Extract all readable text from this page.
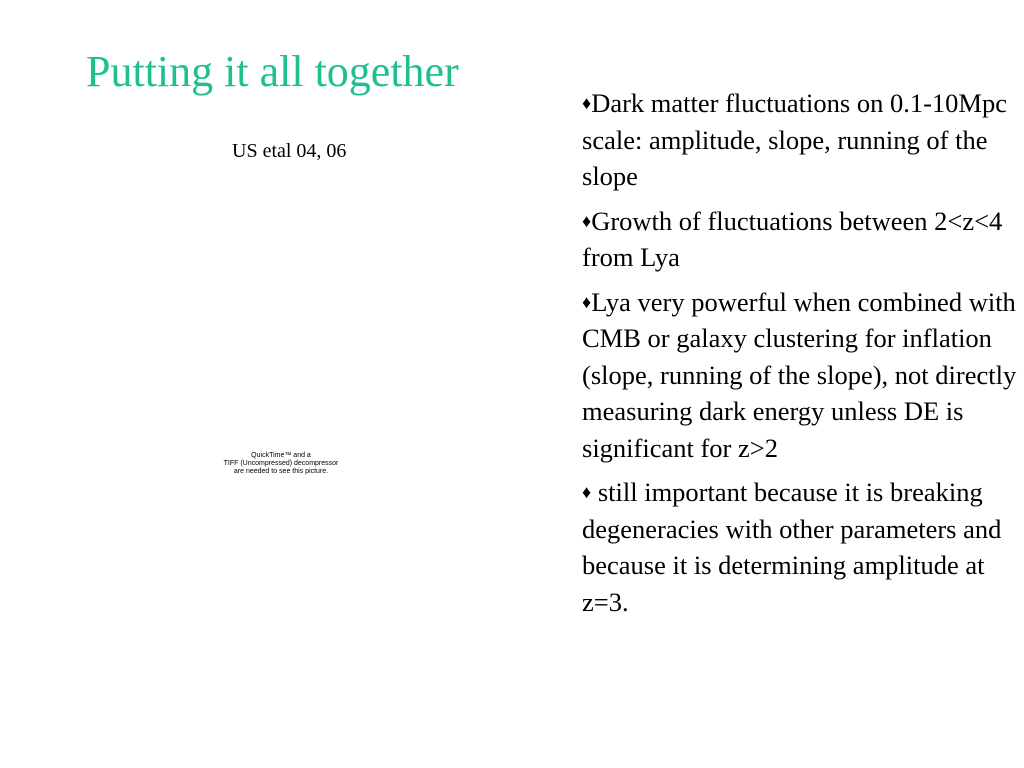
Putting it all together
US etal 04, 06
QuickTime™ and a
TIFF (Uncompressed) decompressor
are needed to see this picture.
♦Dark matter fluctuations on 0.1-10Mpc scale: amplitude, slope, running of the slope
♦Growth of fluctuations between 2<z<4 from Lya
♦Lya very powerful when combined with CMB or galaxy clustering for inflation (slope, running of the slope), not directly measuring dark energy unless DE is significant for z>2
♦ still important because it is breaking degeneracies with other parameters and because it is determining amplitude at z=3.
